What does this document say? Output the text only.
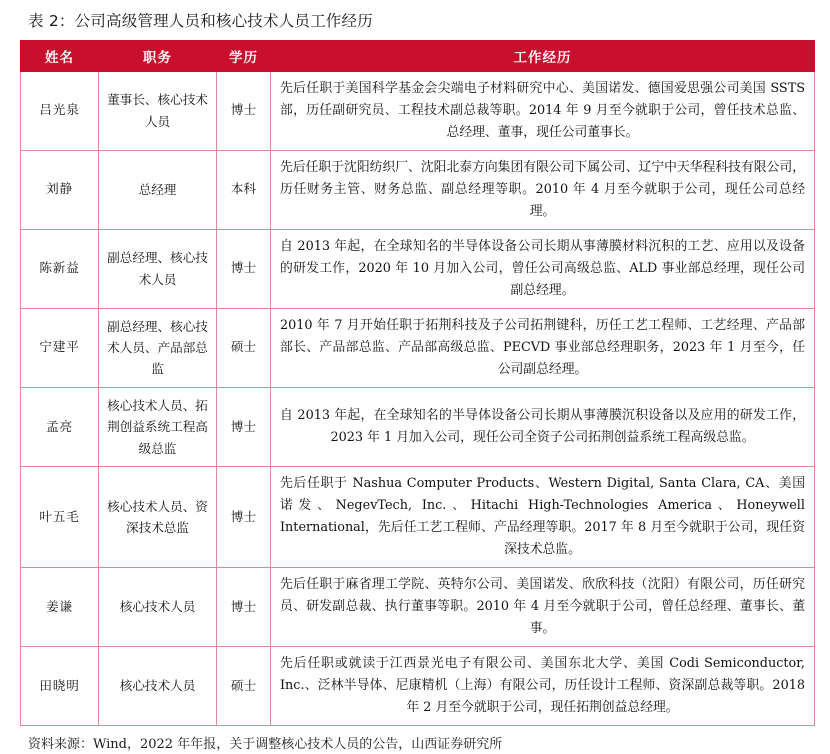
表 2：公司高级管理人员和核心技术人员工作经历
姓名	职务	学历	工作经历
吕光泉	董事长、核心技术人员	博士	先后任职于美国科学基金会尖端电子材料研究中心、美国诺发、德国爱思强公司美国 SSTS 部，历任副研究员、工程技术副总裁等职。2014 年 9 月至今就职于公司，曾任技术总监、总经理、董事，现任公司董事长。
刘静	总经理	本科	先后任职于沈阳纺织厂、沈阳北泰方向集团有限公司下属公司、辽宁中天华程科技有限公司，历任财务主管、财务总监、副总经理等职。2010 年 4 月至今就职于公司，现任公司总经理。
陈新益	副总经理、核心技术人员	博士	自 2013 年起，在全球知名的半导体设备公司长期从事薄膜材料沉积的工艺、应用以及设备的研发工作，2020 年 10 月加入公司，曾任公司高级总监、ALD 事业部总经理，现任公司副总经理。
宁建平	副总经理、核心技术人员、产品部总监	硕士	2010 年 7 月开始任职于拓荆科技及子公司拓荆键科，历任工艺工程师、工艺经理、产品部部长、产品部总监、产品部高级总监、PECVD 事业部总经理职务，2023 年 1 月至今，任公司副总经理。
孟亮	核心技术人员、拓荆创益系统工程高级总监	博士	自 2013 年起，在全球知名的半导体设备公司长期从事薄膜沉积设备以及应用的研发工作，2023 年 1 月加入公司，现任公司全资子公司拓荆创益系统工程高级总监。
叶五毛	核心技术人员、资深技术总监	博士	先后任职于 Nashua Computer Products、Western Digital, Santa Clara, CA、美国诺发、NegevTech, Inc.、Hitachi High-Technologies America、Honeywell International，先后任工艺工程师、产品经理等职。2017 年 8 月至今就职于公司，现任资深技术总监。
姜谦	核心技术人员	博士	先后任职于麻省理工学院、英特尔公司、美国诺发、欣欣科技（沈阳）有限公司，历任研究员、研发副总裁、执行董事等职。2010 年 4 月至今就职于公司，曾任总经理、董事长、董事。
田晓明	核心技术人员	硕士	先后任职或就读于江西景光电子有限公司、美国东北大学、美国 Codi Semiconductor, Inc.、泛林半导体、尼康精机（上海）有限公司，历任设计工程师、资深副总裁等职。2018 年 2 月至今就职于公司，现任拓荆创益总经理。
资料来源：Wind，2022 年年报，关于调整核心技术人员的公告，山西证券研究所
